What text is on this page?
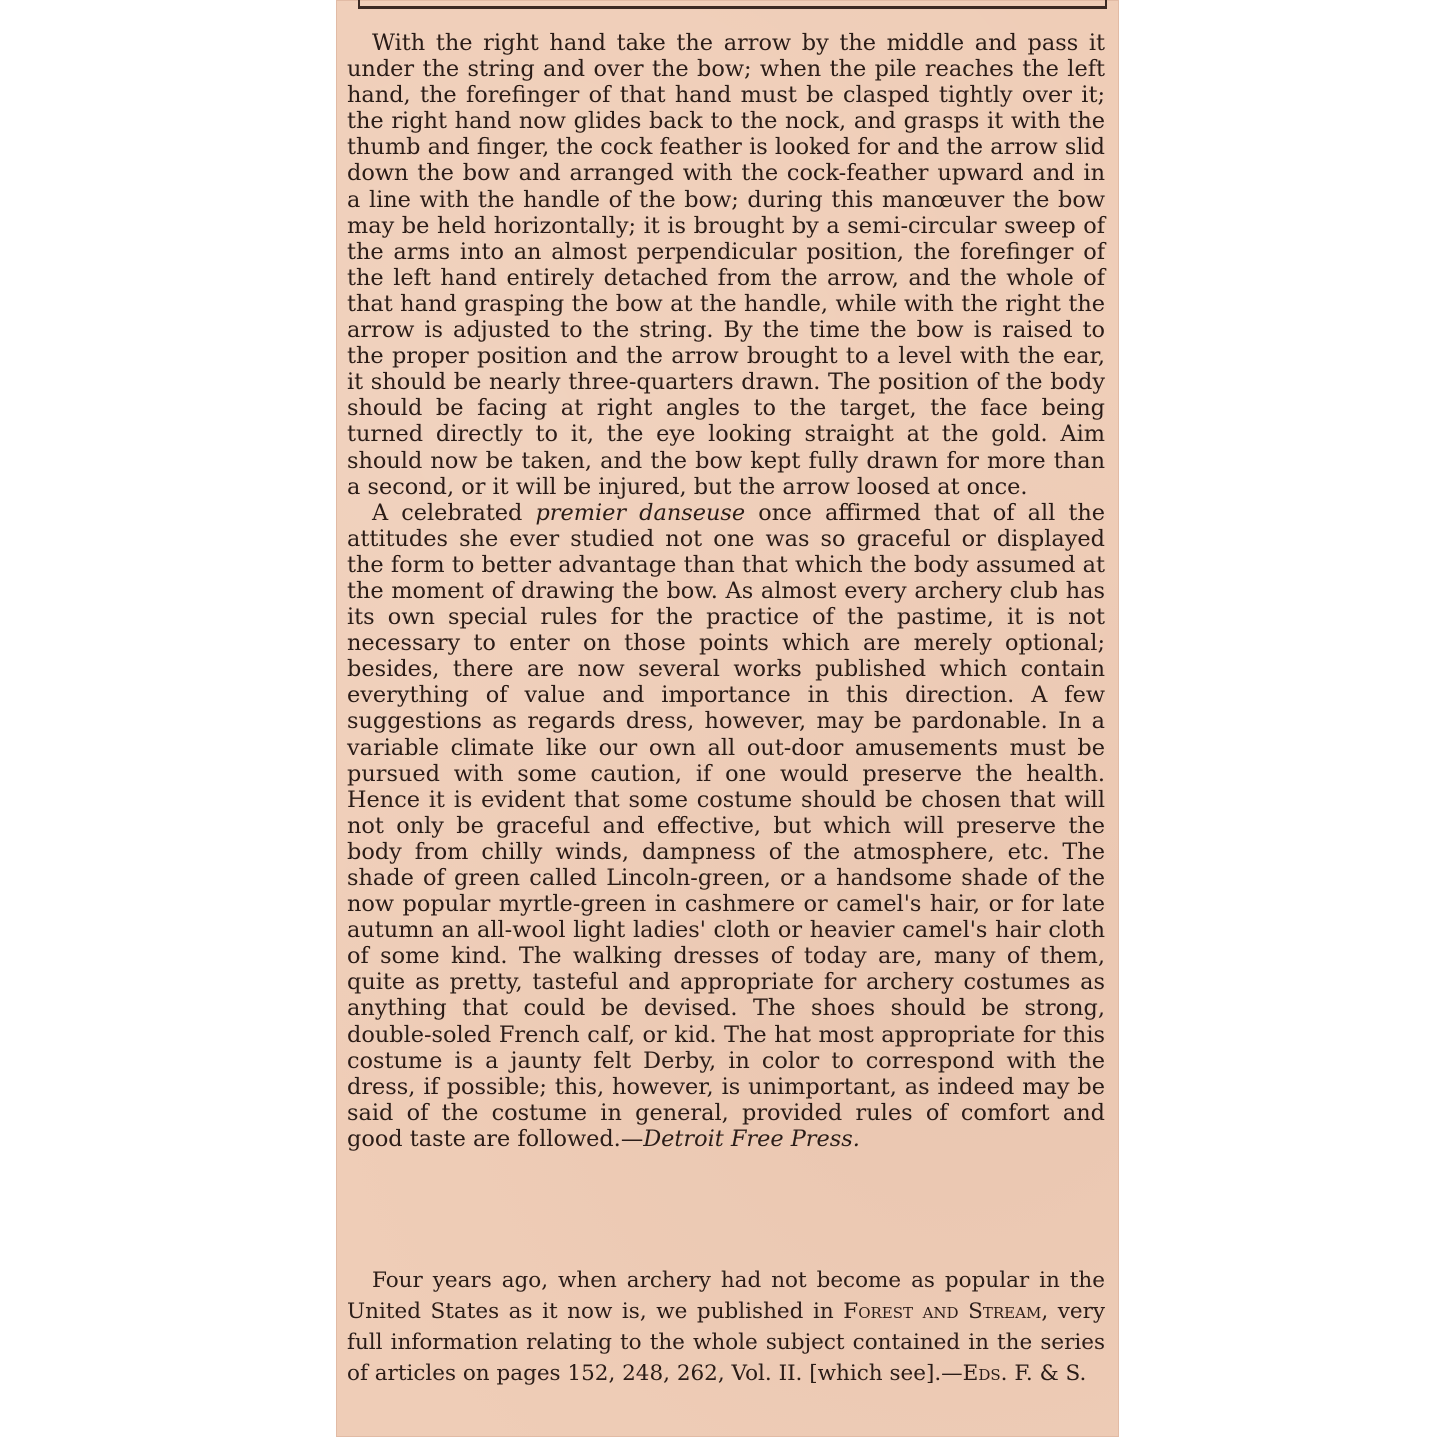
With the right hand take the arrow by the middle and pass it under the string and over the bow; when the pile reaches the left hand, the forefinger of that hand must be clasped tightly over it; the right hand now glides back to the nock, and grasps it with the thumb and finger, the cock feather is looked for and the arrow slid down the bow and arranged with the cock-feather upward and in a line with the handle of the bow; during this manœuver the bow may be held horizontally; it is brought by a semi-circular sweep of the arms into an almost perpendicular position, the forefinger of the left hand entirely detached from the arrow, and the whole of that hand grasping the bow at the handle, while with the right the arrow is adjusted to the string. By the time the bow is raised to the proper position and the arrow brought to a level with the ear, it should be nearly three-quarters drawn. The position of the body should be facing at right angles to the target, the face being turned directly to it, the eye looking straight at the gold. Aim should now be taken, and the bow kept fully drawn for more than a second, or it will be injured, but the arrow loosed at once.

A celebrated premier danseuse once affirmed that of all the attitudes she ever studied not one was so graceful or displayed the form to better advantage than that which the body assumed at the moment of drawing the bow. As almost every archery club has its own special rules for the practice of the pastime, it is not necessary to enter on those points which are merely optional; besides, there are now several works published which contain everything of value and importance in this direction. A few suggestions as regards dress, however, may be pardonable. In a variable climate like our own all out-door amusements must be pursued with some caution, if one would preserve the health. Hence it is evident that some costume should be chosen that will not only be graceful and effective, but which will preserve the body from chilly winds, dampness of the atmosphere, etc. The shade of green called Lincoln-green, or a handsome shade of the now popular myrtle-green in cashmere or camel's hair, or for late autumn an all-wool light ladies' cloth or heavier camel's hair cloth of some kind. The walking dresses of today are, many of them, quite as pretty, tasteful and appropriate for archery costumes as anything that could be devised. The shoes should be strong, double-soled French calf, or kid. The hat most appropriate for this costume is a jaunty felt Derby, in color to correspond with the dress, if possible; this, however, is unimportant, as indeed may be said of the costume in general, provided rules of comfort and good taste are followed.—Detroit Free Press.

Four years ago, when archery had not become as popular in the United States as it now is, we published in Forest and Stream, very full information relating to the whole subject contained in the series of articles on pages 152, 248, 262, Vol. II. [which see].—Eds. F. & S.
